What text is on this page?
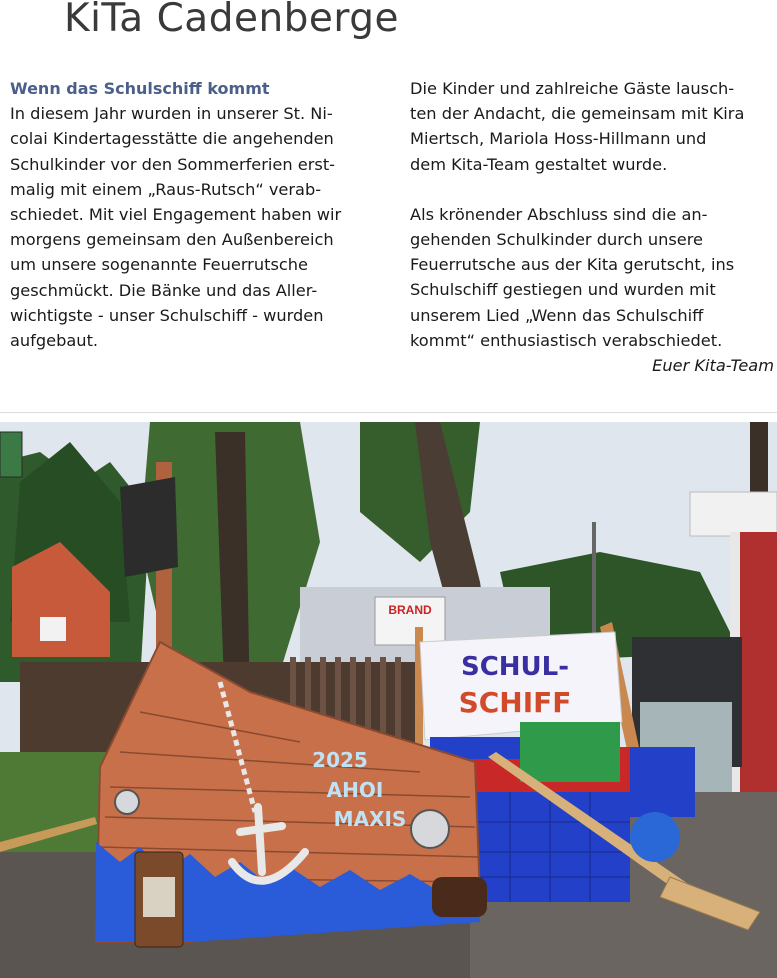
KiTa Cadenberge
Wenn das Schulschiff kommt
In diesem Jahr wurden in unserer St. Ni-
colai Kindertagesstätte die angehenden
Schulkinder vor den Sommerferien erst-
malig mit einem „Raus-Rutsch“ verab-
schiedet. Mit viel Engagement haben wir
morgens gemeinsam den Außenbereich
um unsere sogenannte Feuerrutsche
geschmückt. Die Bänke und das Aller-
wichtigste - unser Schulschiff - wurden
aufgebaut.
Die Kinder und zahlreiche Gäste lausch-
ten der Andacht, die gemeinsam mit Kira
Miertsch, Mariola Hoss-Hillmann und
dem Kita-Team gestaltet wurde.
Als krönender Abschluss sind die an-
gehenden Schulkinder durch unsere
Feuerrutsche aus der Kita gerutscht, ins
Schulschiff gestiegen und wurden mit
unserem Lied „Wenn das Schulschiff
kommt“ enthusiastisch verabschiedet.
Euer Kita-Team
BRAND
SCHUL-
SCHIFF
2025
AHOI
MAXIS
